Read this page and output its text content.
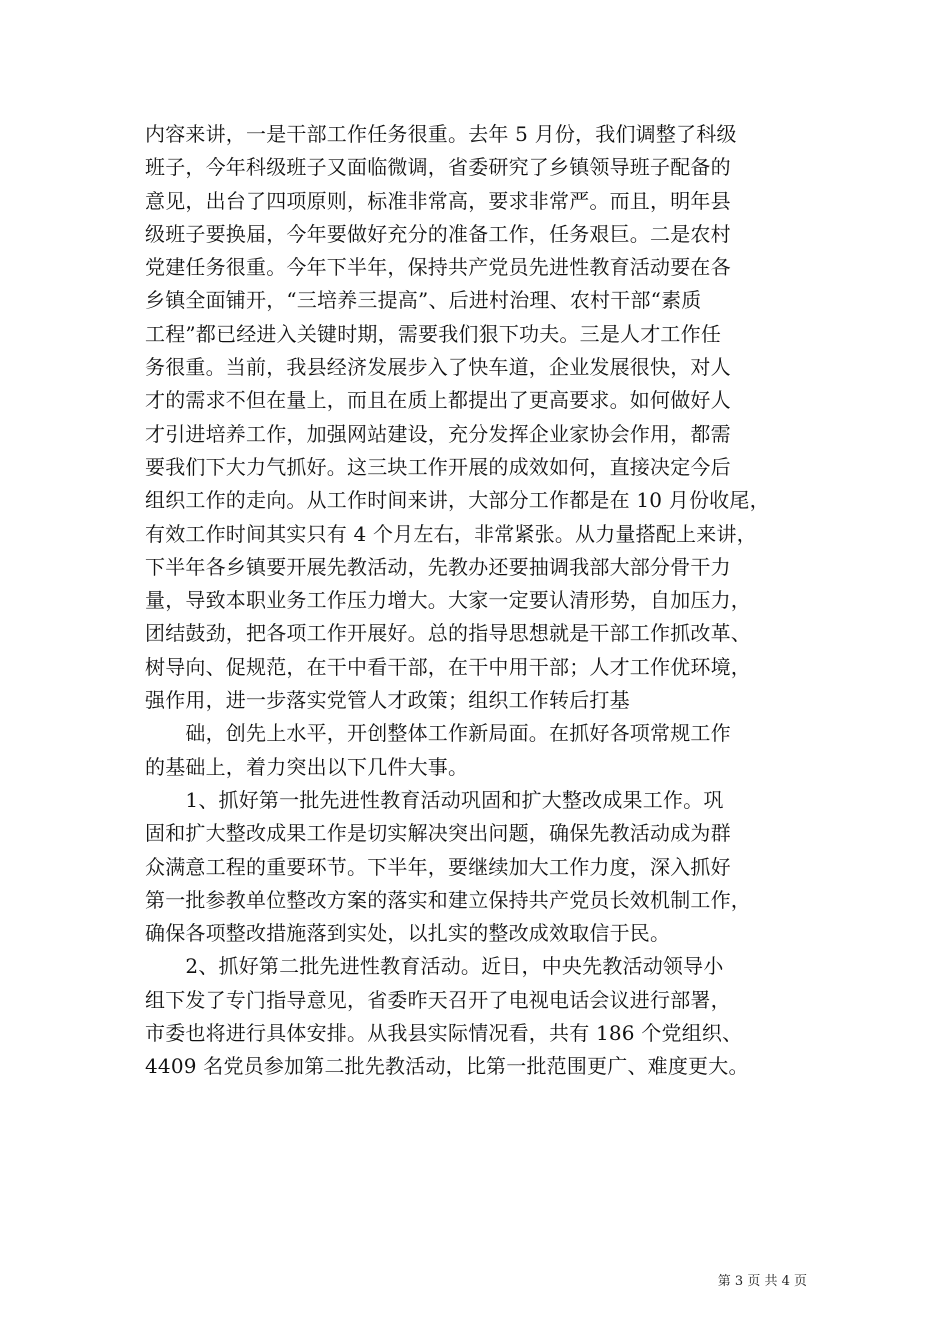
内容来讲，一是干部工作任务很重。去年 5 月份，我们调整了科级
班子，今年科级班子又面临微调，省委研究了乡镇领导班子配备的
意见，出台了四项原则，标准非常高，要求非常严。而且，明年县
级班子要换届，今年要做好充分的准备工作，任务艰巨。二是农村
党建任务很重。今年下半年，保持共产党员先进性教育活动要在各
乡镇全面铺开，“三培养三提高”、后进村治理、农村干部“素质
工程”都已经进入关键时期，需要我们狠下功夫。三是人才工作任
务很重。当前，我县经济发展步入了快车道，企业发展很快，对人
才的需求不但在量上，而且在质上都提出了更高要求。如何做好人
才引进培养工作，加强网站建设，充分发挥企业家协会作用，都需
要我们下大力气抓好。这三块工作开展的成效如何，直接决定今后
组织工作的走向。从工作时间来讲，大部分工作都是在 10 月份收尾，
有效工作时间其实只有 4 个月左右，非常紧张。从力量搭配上来讲，
下半年各乡镇要开展先教活动，先教办还要抽调我部大部分骨干力
量，导致本职业务工作压力增大。大家一定要认清形势，自加压力，
团结鼓劲，把各项工作开展好。总的指导思想就是干部工作抓改革、
树导向、促规范，在干中看干部，在干中用干部；人才工作优环境，
强作用，进一步落实党管人才政策；组织工作转后打基
　　础，创先上水平，开创整体工作新局面。在抓好各项常规工作
的基础上，着力突出以下几件大事。
　　1、抓好第一批先进性教育活动巩固和扩大整改成果工作。巩
固和扩大整改成果工作是切实解决突出问题，确保先教活动成为群
众满意工程的重要环节。下半年，要继续加大工作力度，深入抓好
第一批参教单位整改方案的落实和建立保持共产党员长效机制工作，
确保各项整改措施落到实处，以扎实的整改成效取信于民。
　　2、抓好第二批先进性教育活动。近日，中央先教活动领导小
组下发了专门指导意见，省委昨天召开了电视电话会议进行部署，
市委也将进行具体安排。从我县实际情况看，共有 186 个党组织、
4409 名党员参加第二批先教活动，比第一批范围更广、难度更大。
第 3 页 共 4 页
